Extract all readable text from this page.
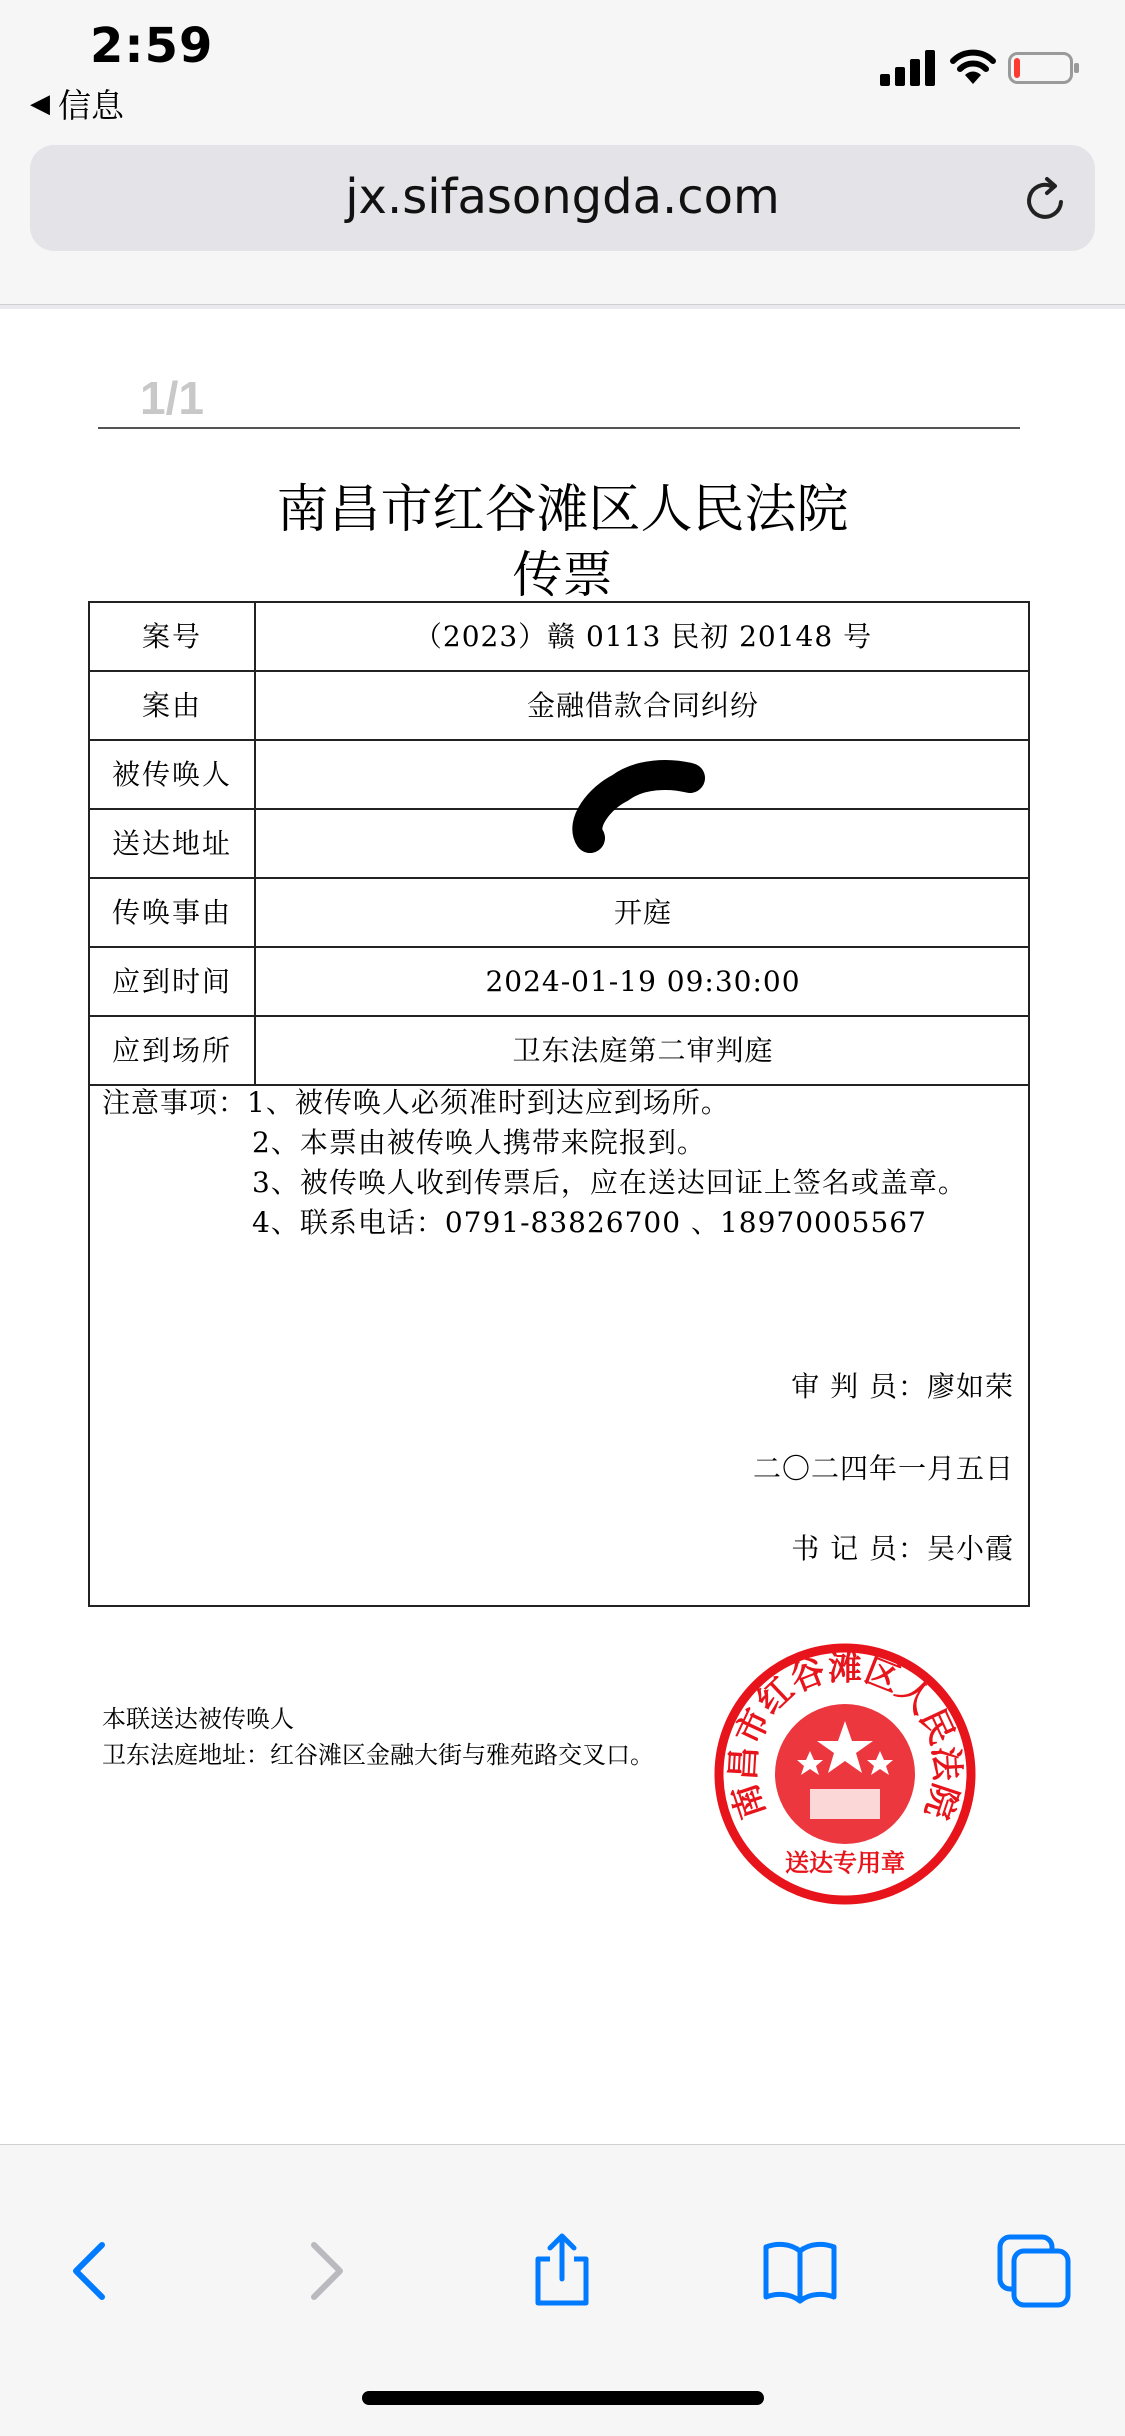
2:59
◀ 信息
jx.sifasongda.com
1/1
南昌市红谷滩区人民法院
传票
案号	（2023）赣 0113 民初 20148 号
案由	金融借款合同纠纷
被传唤人
送达地址
传唤事由	开庭
应到时间	2024-01-19 09:30:00
应到场所	卫东法庭第二审判庭
注意事项：1、被传唤人必须准时到达应到场所。
2、本票由被传唤人携带来院报到。
3、被传唤人收到传票后，应在送达回证上签名或盖章。
4、联系电话：0791-83826700 、18970005567
审 判 员：廖如荣
二〇二四年一月五日
书 记 员：吴小霞
南昌市红谷滩区人民法院
送达专用章
本联送达被传唤人
卫东法庭地址：红谷滩区金融大街与雅苑路交叉口。
